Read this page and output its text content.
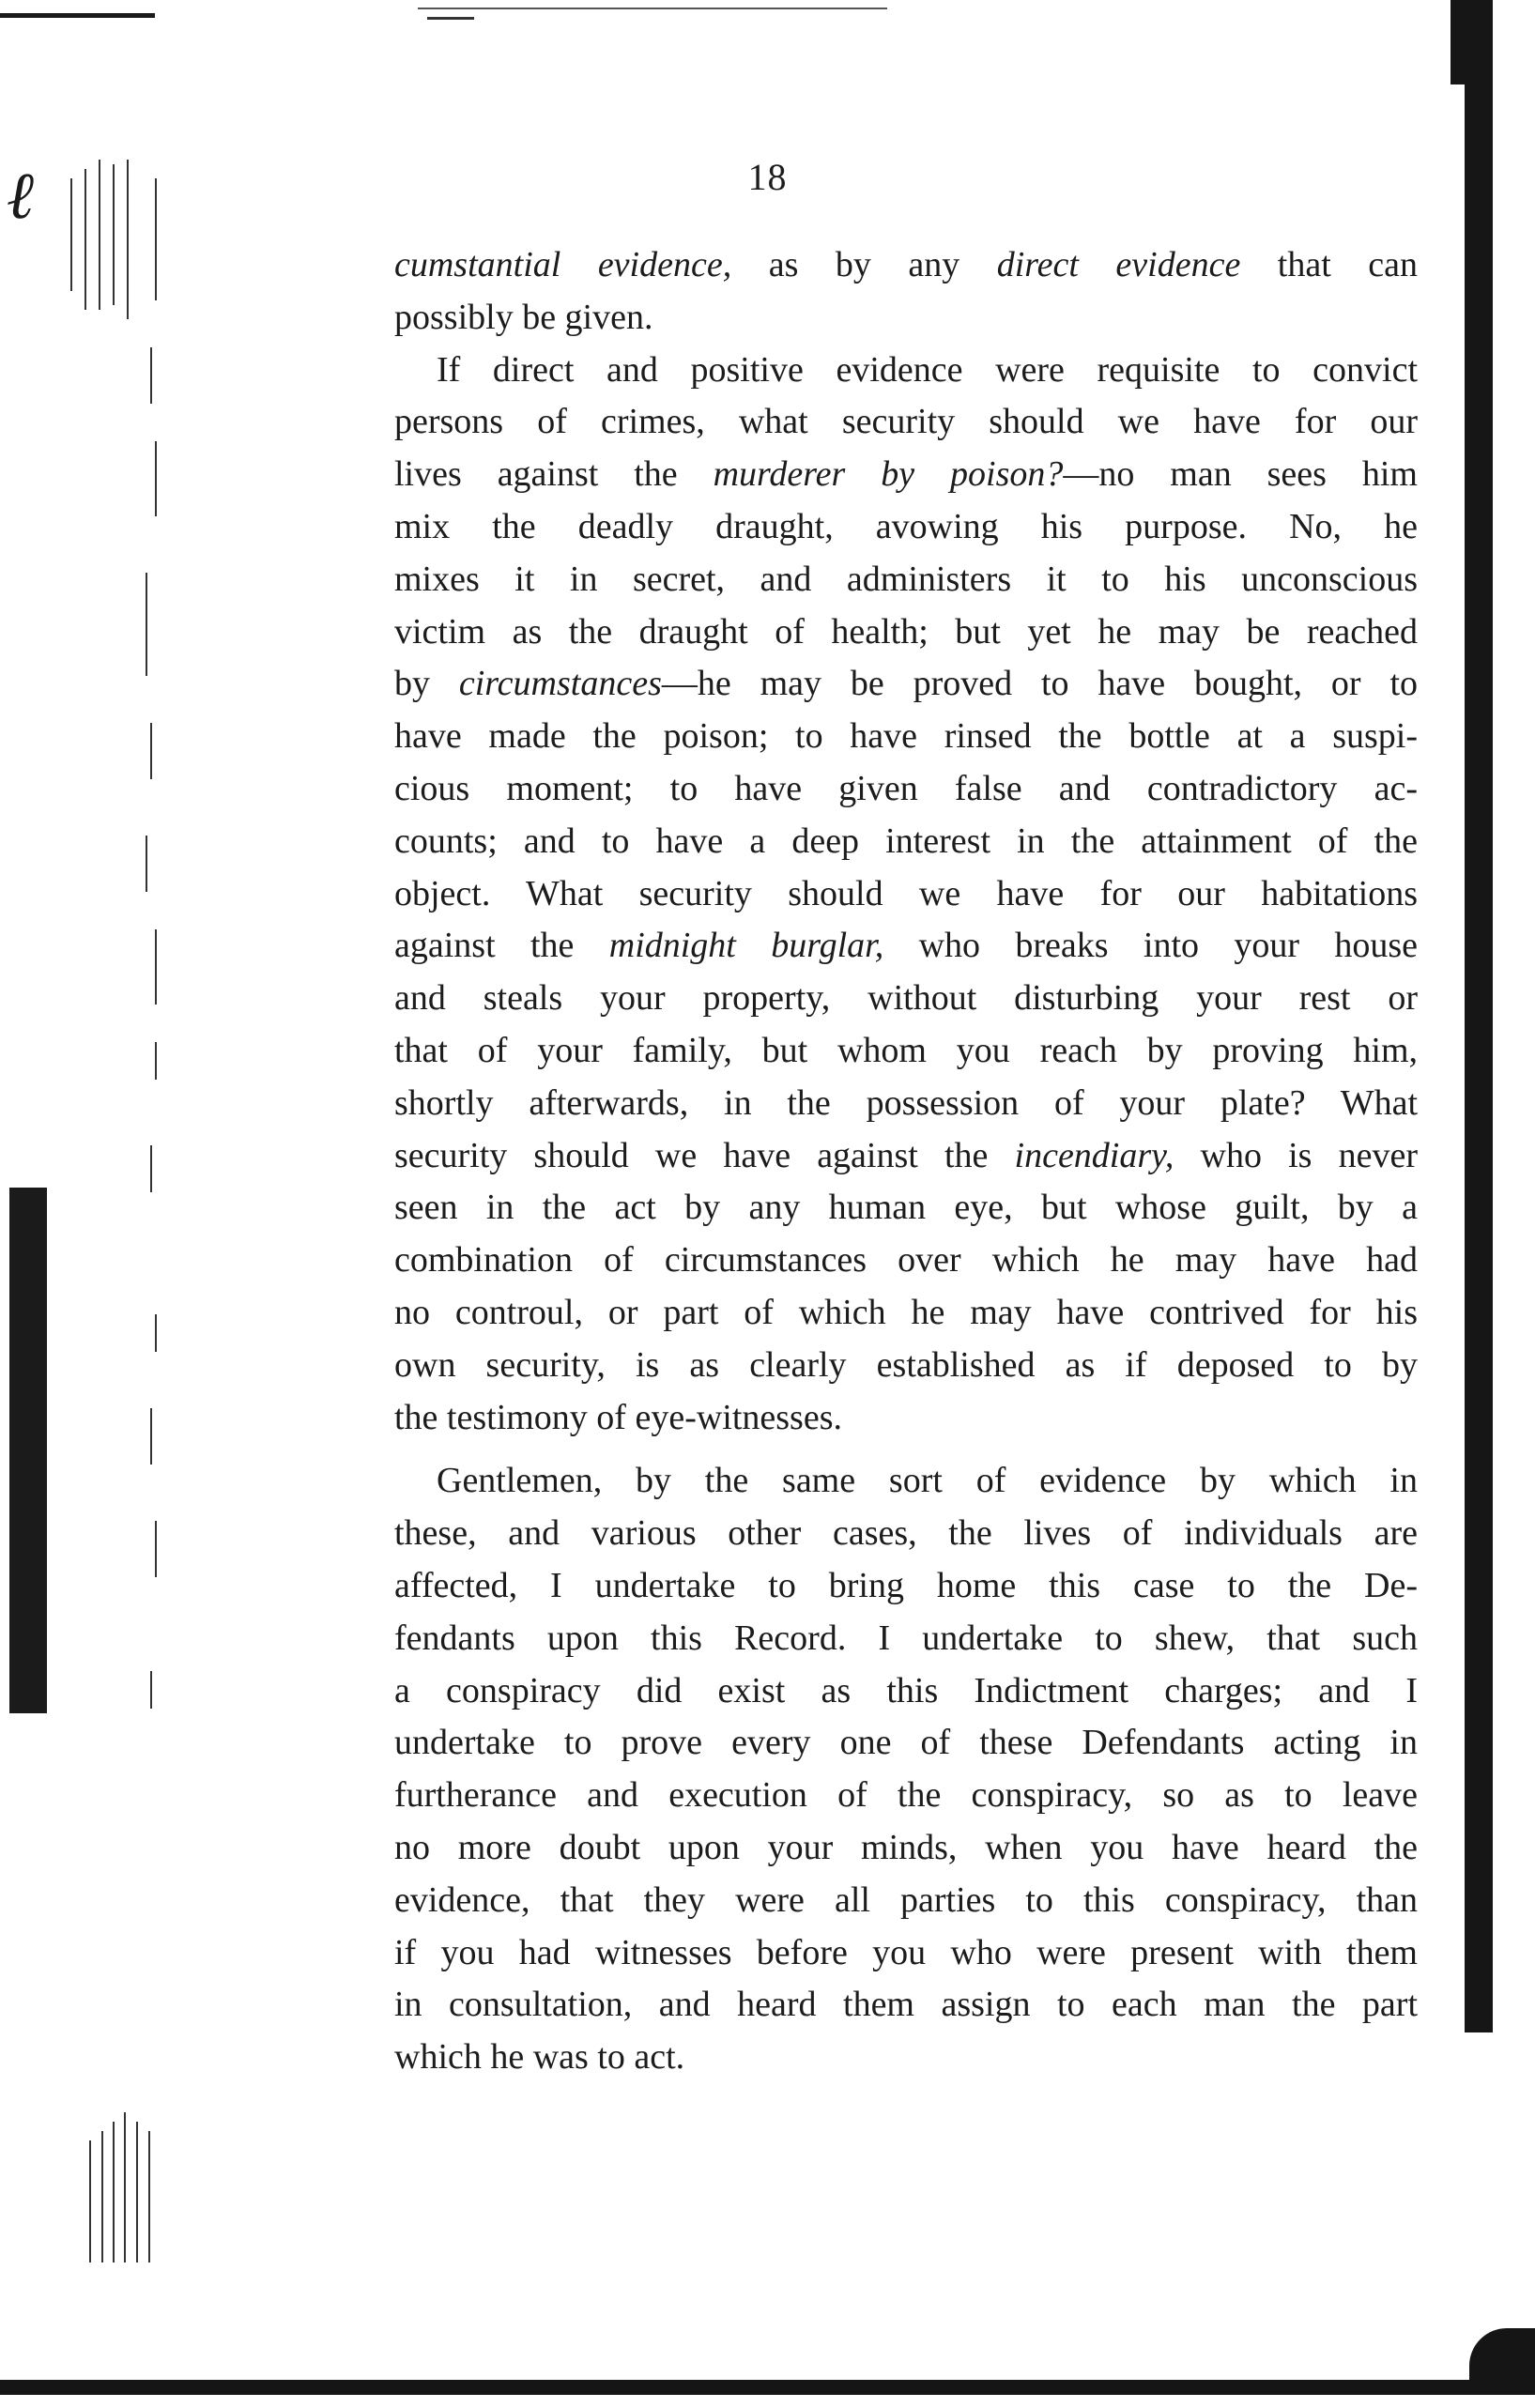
ℓ	18
cumstantial evidence, as by any direct evidence that can
possibly be given.
If direct and positive evidence were requisite to convict
persons of crimes, what security should we have for our
lives against the murderer by poison?—no man sees him
mix the deadly draught, avowing his purpose. No, he
mixes it in secret, and administers it to his unconscious
victim as the draught of health; but yet he may be reached
by circumstances—he may be proved to have bought, or to
have made the poison; to have rinsed the bottle at a suspi-
cious moment; to have given false and contradictory ac-
counts; and to have a deep interest in the attainment of the
object. What security should we have for our habitations
against the midnight burglar, who breaks into your house
and steals your property, without disturbing your rest or
that of your family, but whom you reach by proving him,
shortly afterwards, in the possession of your plate? What
security should we have against the incendiary, who is never
seen in the act by any human eye, but whose guilt, by a
combination of circumstances over which he may have had
no controul, or part of which he may have contrived for his
own security, is as clearly established as if deposed to by
the testimony of eye-witnesses.
Gentlemen, by the same sort of evidence by which in
these, and various other cases, the lives of individuals are
affected, I undertake to bring home this case to the De-
fendants upon this Record. I undertake to shew, that such
a conspiracy did exist as this Indictment charges; and I
undertake to prove every one of these Defendants acting in
furtherance and execution of the conspiracy, so as to leave
no more doubt upon your minds, when you have heard the
evidence, that they were all parties to this conspiracy, than
if you had witnesses before you who were present with them
in consultation, and heard them assign to each man the part
which he was to act.
